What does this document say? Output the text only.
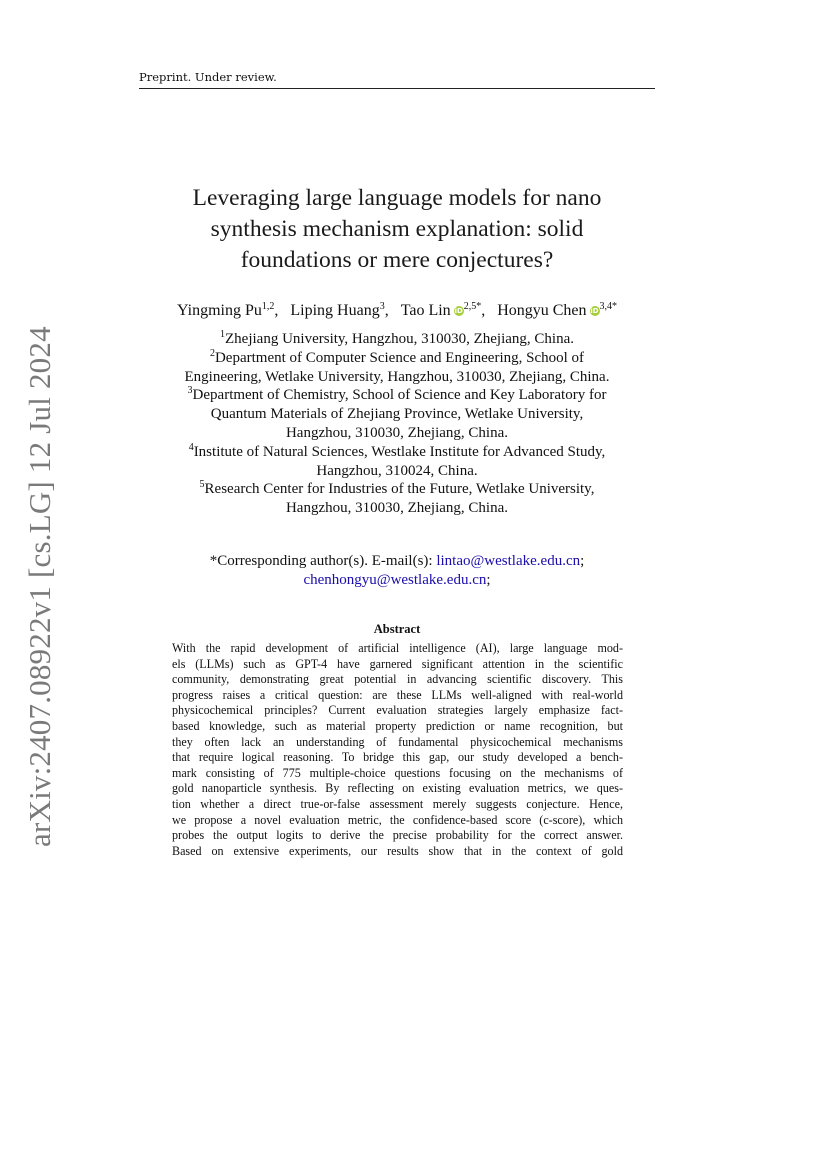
Preprint. Under review.
arXiv:2407.08922v1 [cs.LG] 12 Jul 2024
Leveraging large language models for nano
synthesis mechanism explanation: solid
foundations or mere conjectures?
Yingming Pu$^{1,2}$, Liping Huang$^3$, Tao Lin $iD^{2,5*}$, Hongyu Chen $iD^{3,4*}$
$^1$Zhejiang University, Hangzhou, 310030, Zhejiang, China.
$^2$Department of Computer Science and Engineering, School of
Engineering, Wetlake University, Hangzhou, 310030, Zhejiang, China.
$^3$Department of Chemistry, School of Science and Key Laboratory for
Quantum Materials of Zhejiang Province, Wetlake University,
Hangzhou, 310030, Zhejiang, China.
$^4$Institute of Natural Sciences, Westlake Institute for Advanced Study,
Hangzhou, 310024, China.
$^5$Research Center for Industries of the Future, Wetlake University,
Hangzhou, 310030, Zhejiang, China.
*Corresponding author(s). E-mail(s): lintao@westlake.edu.cn;
chenhongyu@westlake.edu.cn;
Abstract
With the rapid development of artificial intelligence (AI), large language mod-
els (LLMs) such as GPT-4 have garnered significant attention in the scientific
community, demonstrating great potential in advancing scientific discovery. This
progress raises a critical question: are these LLMs well-aligned with real-world
physicochemical principles? Current evaluation strategies largely emphasize fact-
based knowledge, such as material property prediction or name recognition, but
they often lack an understanding of fundamental physicochemical mechanisms
that require logical reasoning. To bridge this gap, our study developed a bench-
mark consisting of 775 multiple-choice questions focusing on the mechanisms of
gold nanoparticle synthesis. By reflecting on existing evaluation metrics, we ques-
tion whether a direct true-or-false assessment merely suggests conjecture. Hence,
we propose a novel evaluation metric, the confidence-based score (c-score), which
probes the output logits to derive the precise probability for the correct answer.
Based on extensive experiments, our results show that in the context of gold
